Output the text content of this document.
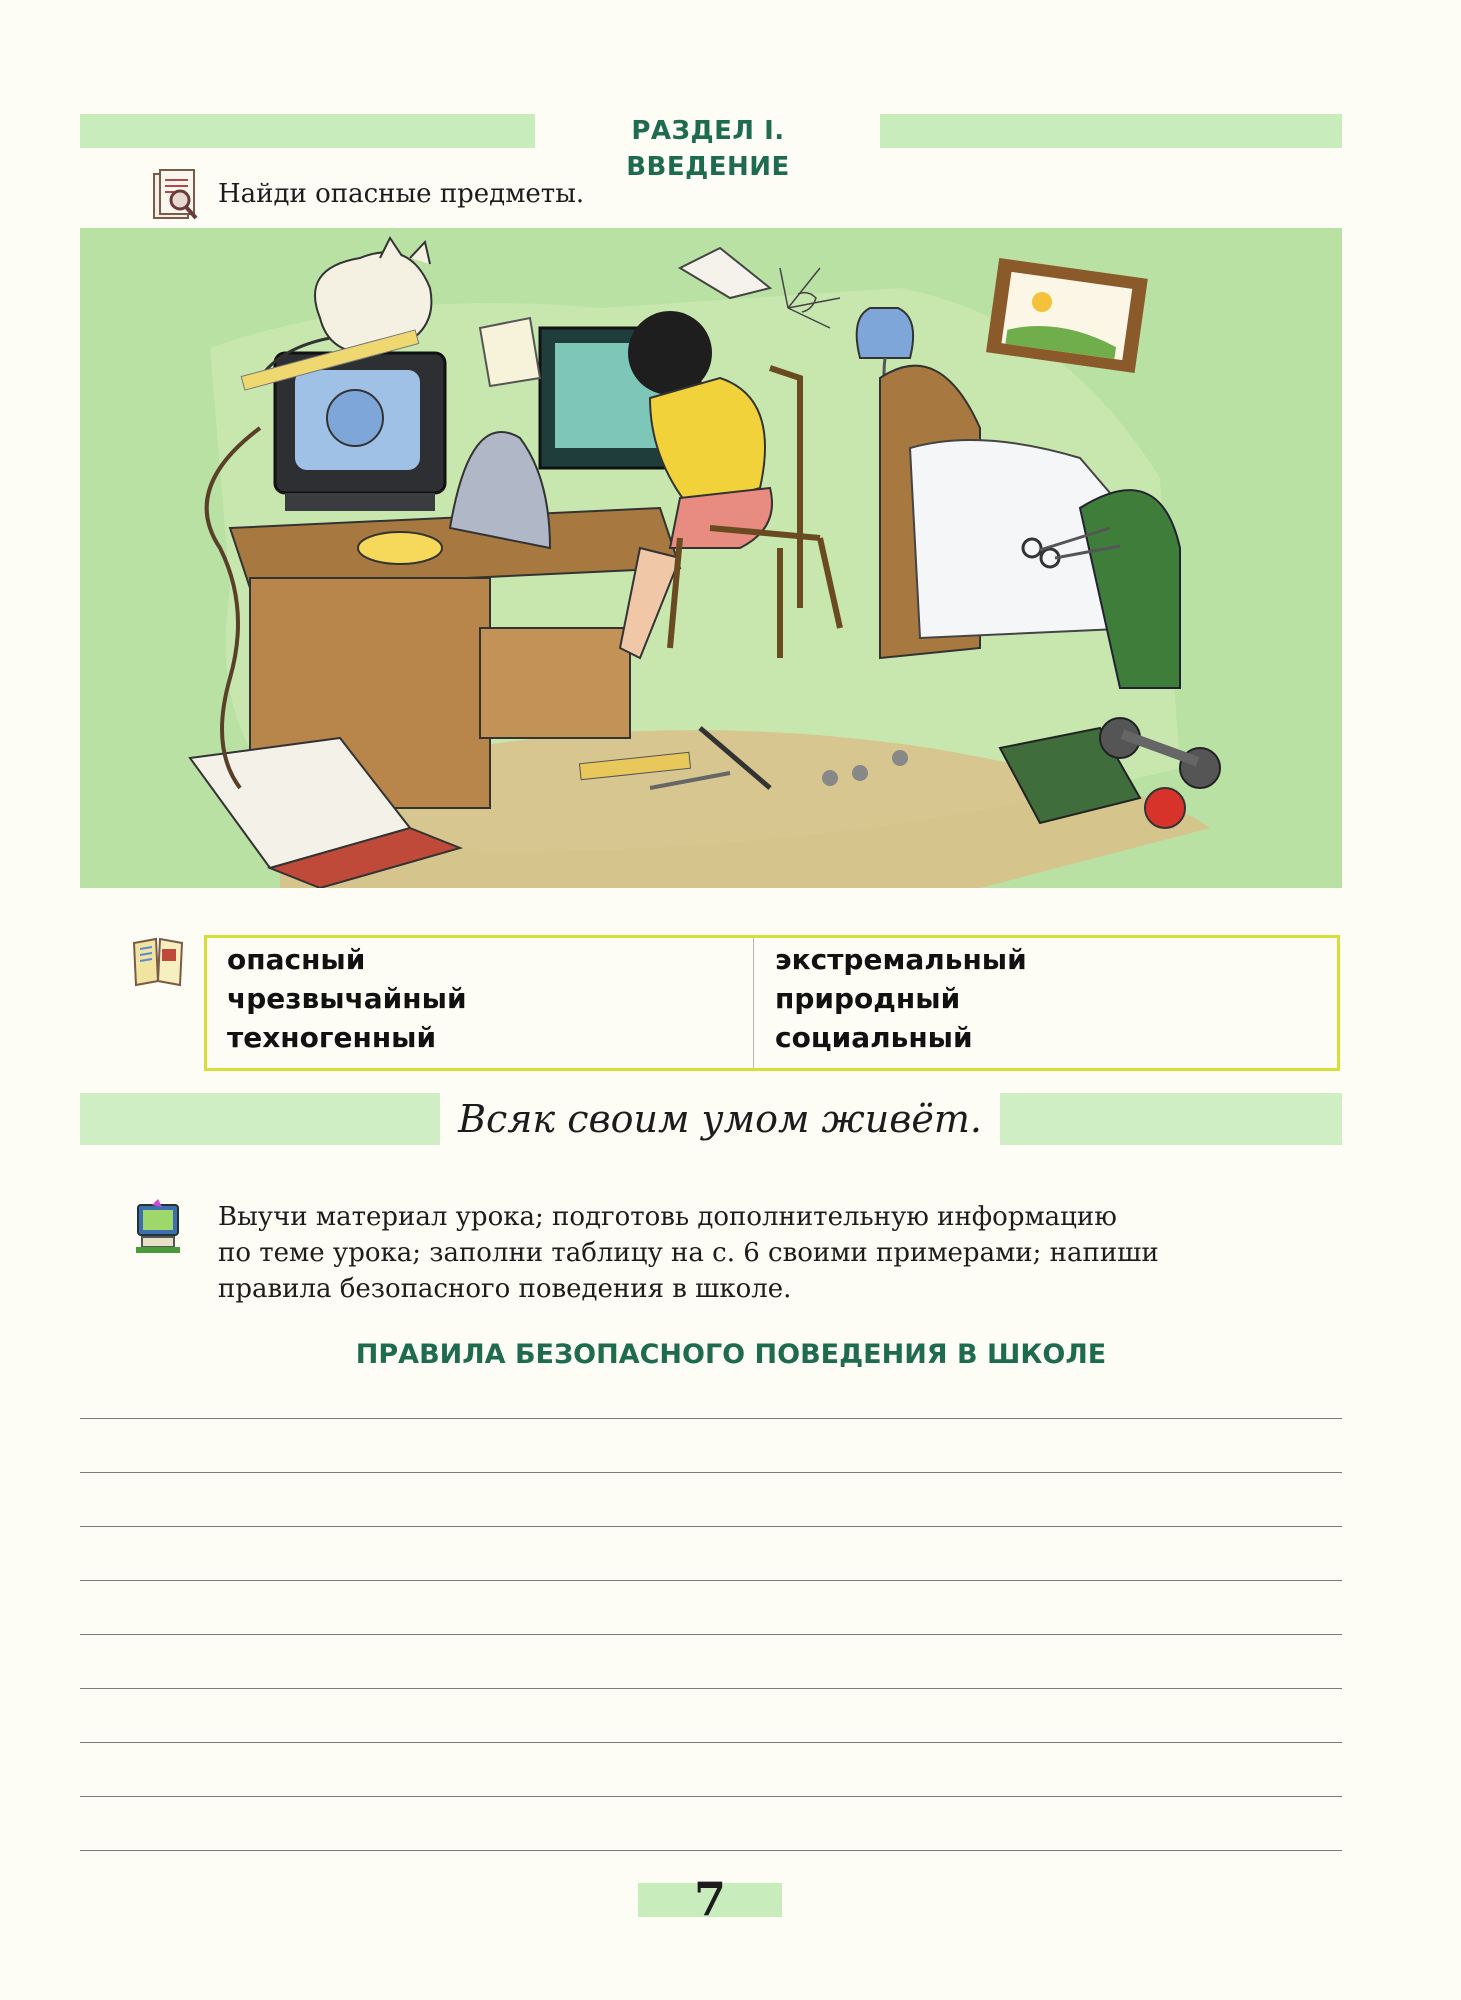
РАЗДЕЛ I. ВВЕДЕНИЕ
Найди опасные предметы.
опасный
чрезвычайный
техногенный
экстремальный
природный
социальный
Всяк своим умом живёт.
Выучи материал урока; подготовь дополнительную информацию
по теме урока; заполни таблицу на с. 6 своими примерами; напиши
правила безопасного поведения в школе.
ПРАВИЛА БЕЗОПАСНОГО ПОВЕДЕНИЯ В ШКОЛЕ
7
